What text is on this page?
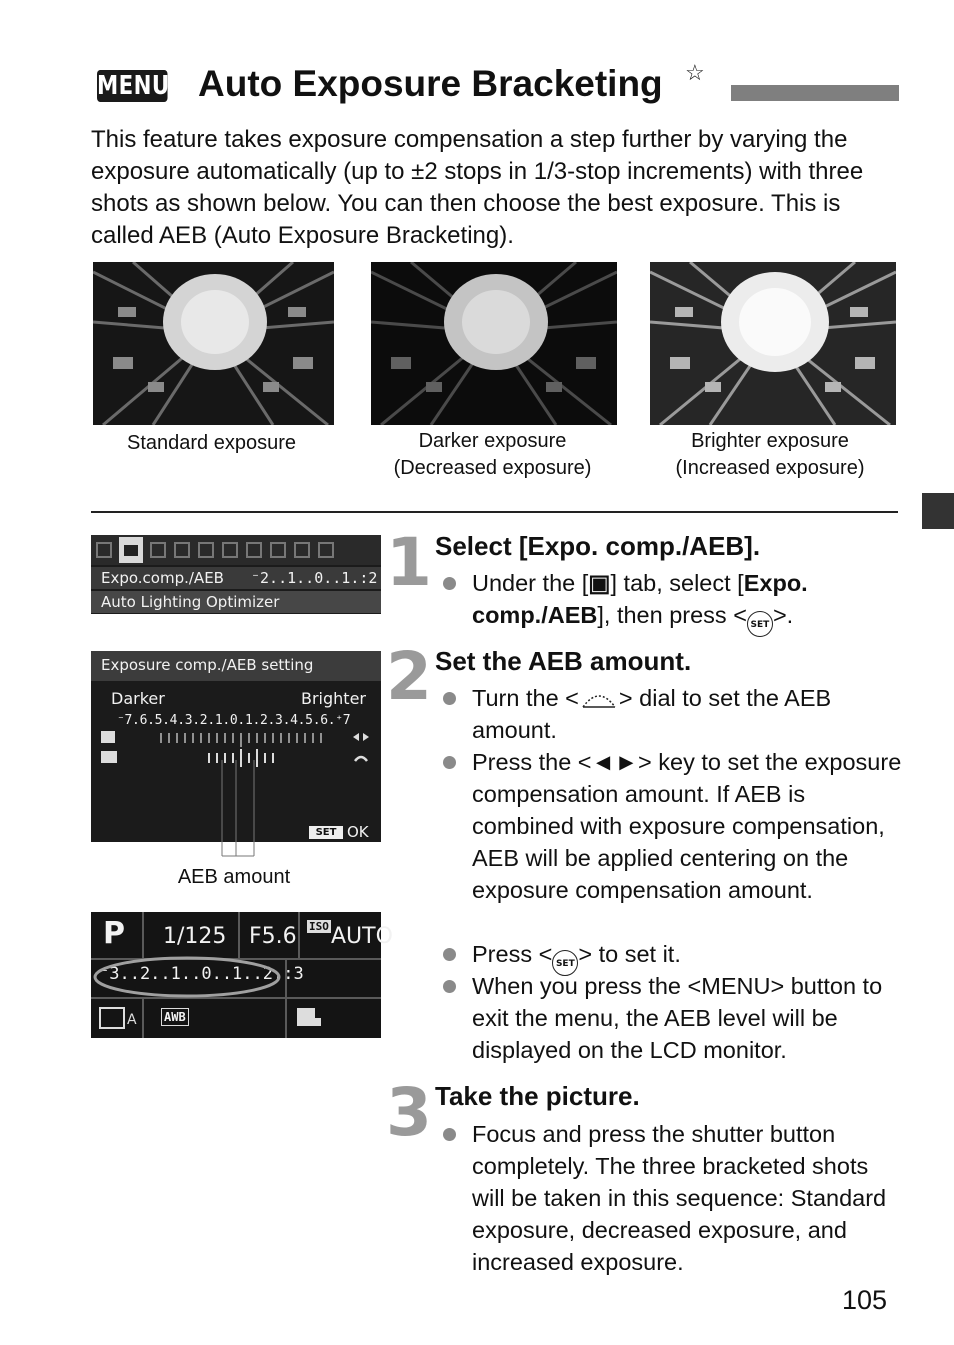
MENU Auto Exposure Bracketing ☆
This feature takes exposure compensation a step further by varying the exposure automatically (up to ±2 stops in 1/3-stop increments) with three shots as shown below. You can then choose the best exposure. This is called AEB (Auto Exposure Bracketing).
Standard exposure	Darker exposure
(Decreased exposure)
Brighter exposure
(Increased exposure)
Expo.comp./AEB ⁻2..1..0..1.:2
Auto Lighting Optimizer
Exposure comp./AEB setting
Darker	Brighter
⁻7.6.5.4.3.2.1.0.1.2.3.4.5.6.⁺7
SET OK
AEB amount
P 1/125 F5.6 ISO AUTO
⁻3..2..1..0..1..2.:3
A AWB
1 Select [Expo. comp./AEB].
Under the [▣] tab, select [Expo. comp./AEB], then press < SET >.
2 Set the AEB amount.
Turn the < > dial to set the AEB amount.
Press the <◄►> key to set the exposure compensation amount. If AEB is combined with exposure compensation, AEB will be applied centering on the exposure compensation amount.
Press < SET > to set it.
When you press the <MENU> button to exit the menu, the AEB level will be displayed on the LCD monitor.
3 Take the picture.
Focus and press the shutter button completely. The three bracketed shots will be taken in this sequence: Standard exposure, decreased exposure, and increased exposure.
105
